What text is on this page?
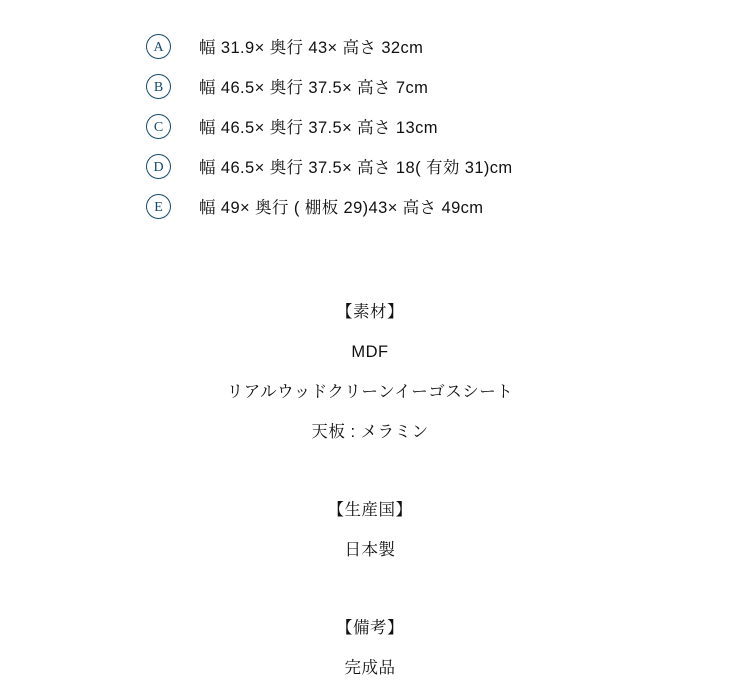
A	幅 31.9× 奥行 43× 高さ 32cm
B	幅 46.5× 奥行 37.5× 高さ 7cm
C	幅 46.5× 奥行 37.5× 高さ 13cm
D	幅 46.5× 奥行 37.5× 高さ 18( 有効 31)cm
E	幅 49× 奥行 ( 棚板 29)43× 高さ 49cm
【素材】
MDF
リアルウッドクリーンイーゴスシート
天板 : メラミン
【生産国】
日本製
【備考】
完成品
